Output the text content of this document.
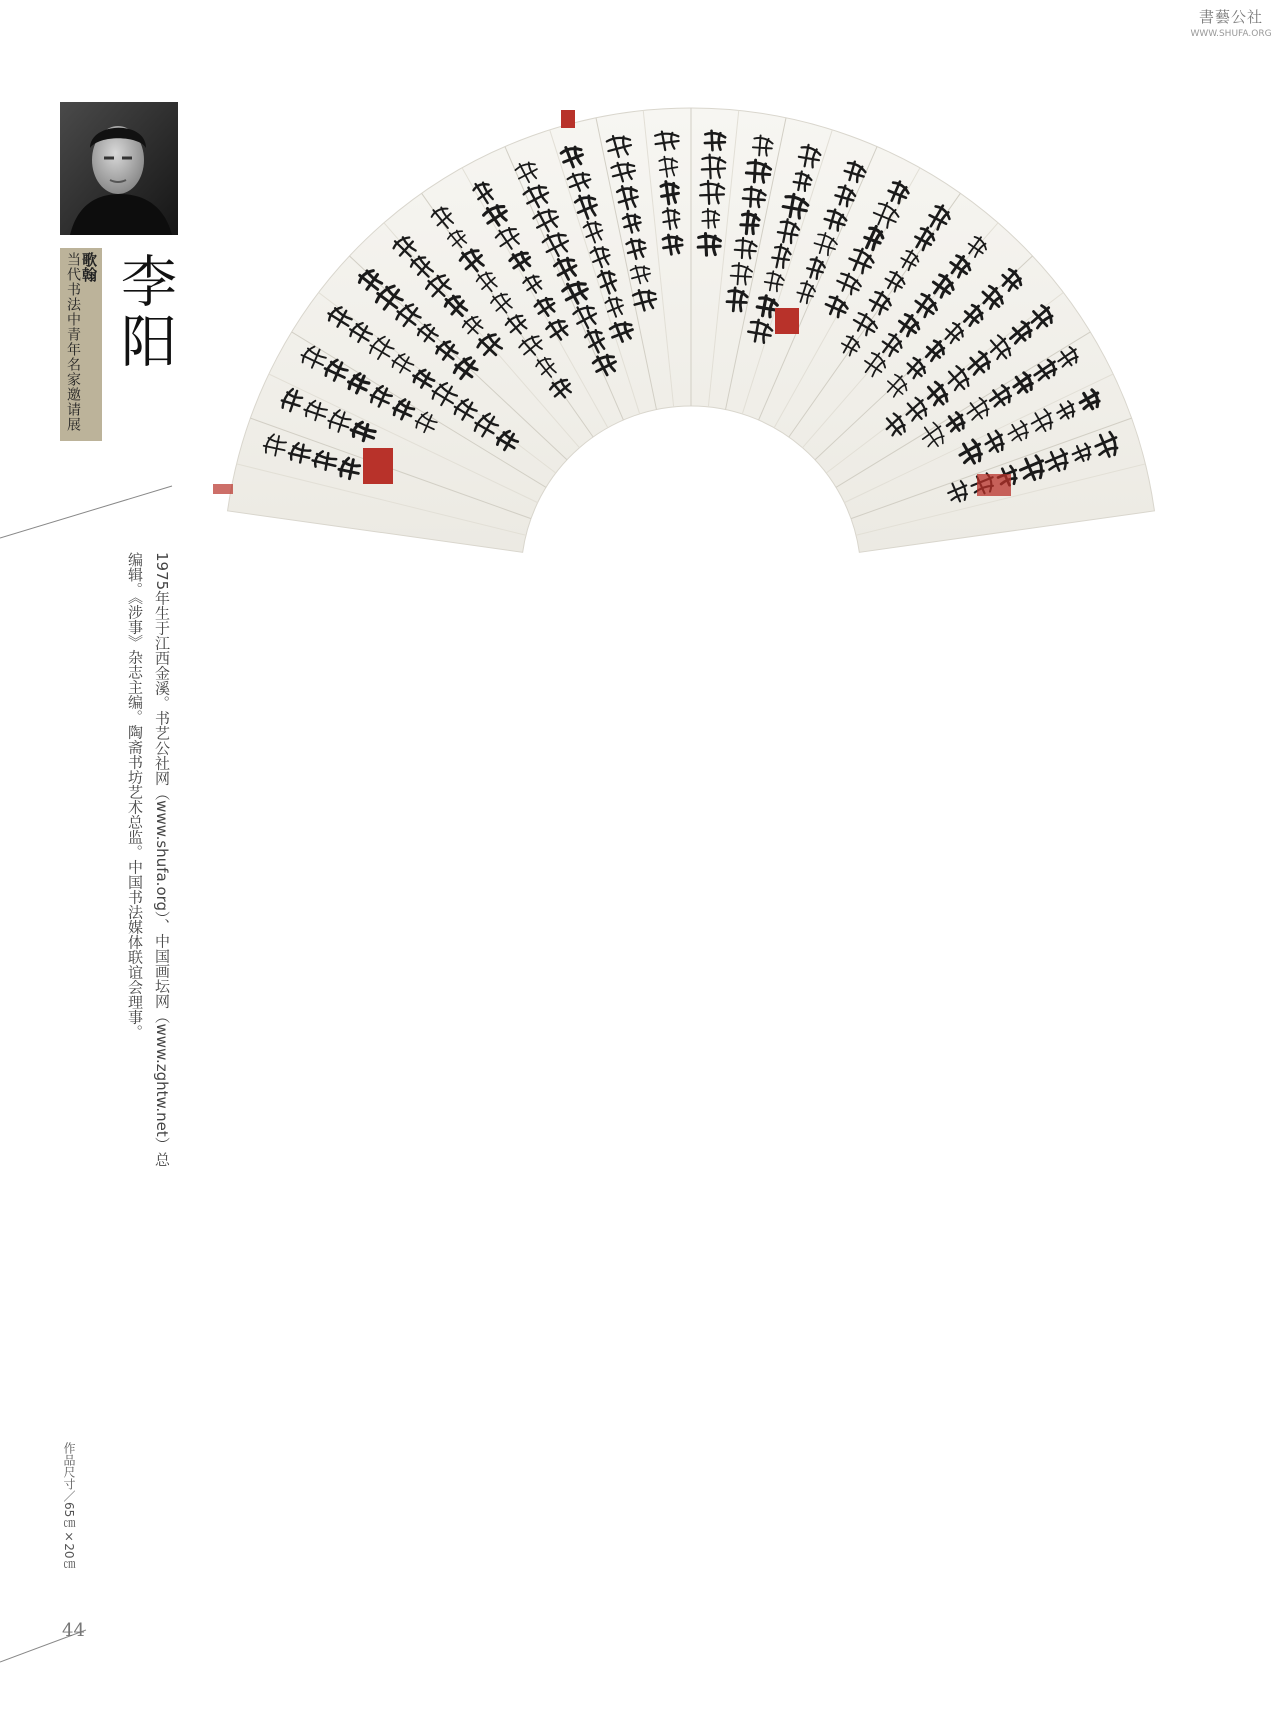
書藝公社
WWW.SHUFA.ORG
歌翰
当代书法中青年名家邀请展 李阳
1975年生于江西金溪。书艺公社网（www.shufa.org）、中国画坛网（www.zghtw.net）总编辑。《涉事》杂志主编。陶斋书坊艺术总监。中国书法媒体联谊会理事。
作品尺寸／65㎝×20㎝
44
